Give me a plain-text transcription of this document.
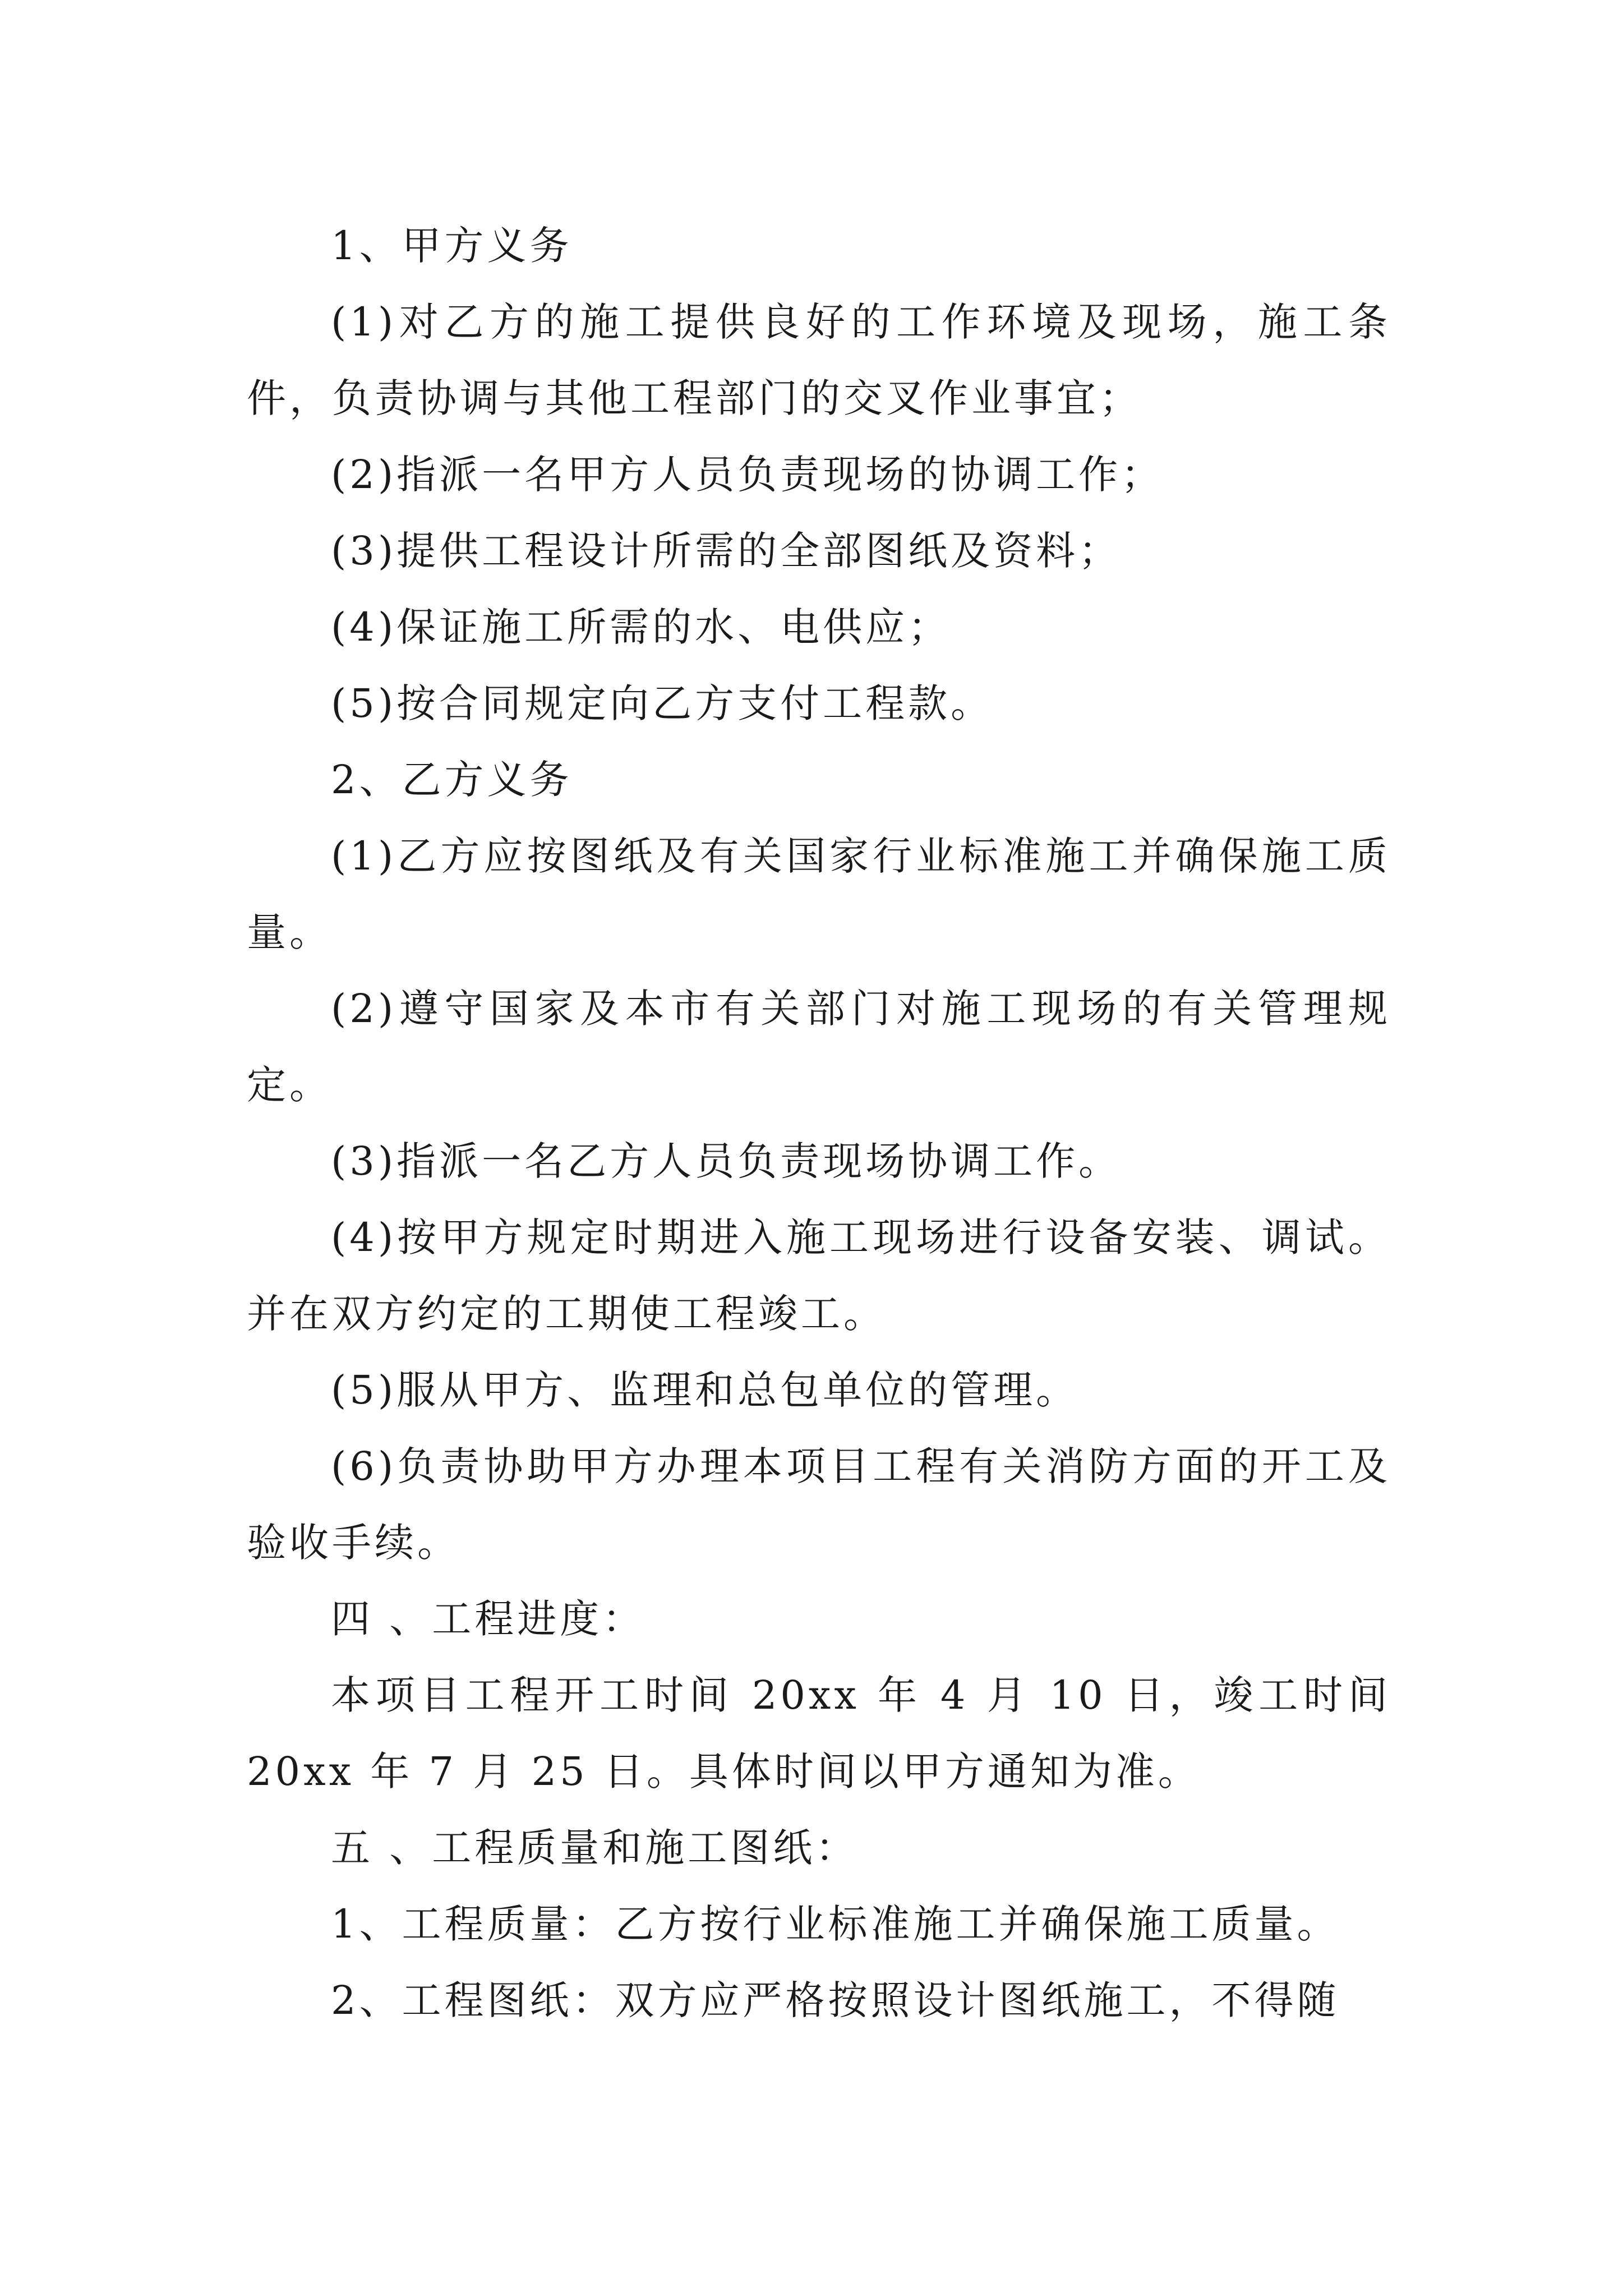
1、甲方义务

(1)对乙方的施工提供良好的工作环境及现场，施工条件，负责协调与其他工程部门的交叉作业事宜；

(2)指派一名甲方人员负责现场的协调工作；

(3)提供工程设计所需的全部图纸及资料；

(4)保证施工所需的水、电供应；

(5)按合同规定向乙方支付工程款。

2、乙方义务

(1)乙方应按图纸及有关国家行业标准施工并确保施工质量。

(2)遵守国家及本市有关部门对施工现场的有关管理规定。

(3)指派一名乙方人员负责现场协调工作。

(4)按甲方规定时期进入施工现场进行设备安装、调试。并在双方约定的工期使工程竣工。

(5)服从甲方、监理和总包单位的管理。

(6)负责协助甲方办理本项目工程有关消防方面的开工及验收手续。

四 、工程进度：

本项目工程开工时间 20xx 年 4 月 10 日，竣工时间 20xx 年 7 月 25 日。具体时间以甲方通知为准。

五 、工程质量和施工图纸：

1、工程质量：乙方按行业标准施工并确保施工质量。

2、工程图纸：双方应严格按照设计图纸施工，不得随
